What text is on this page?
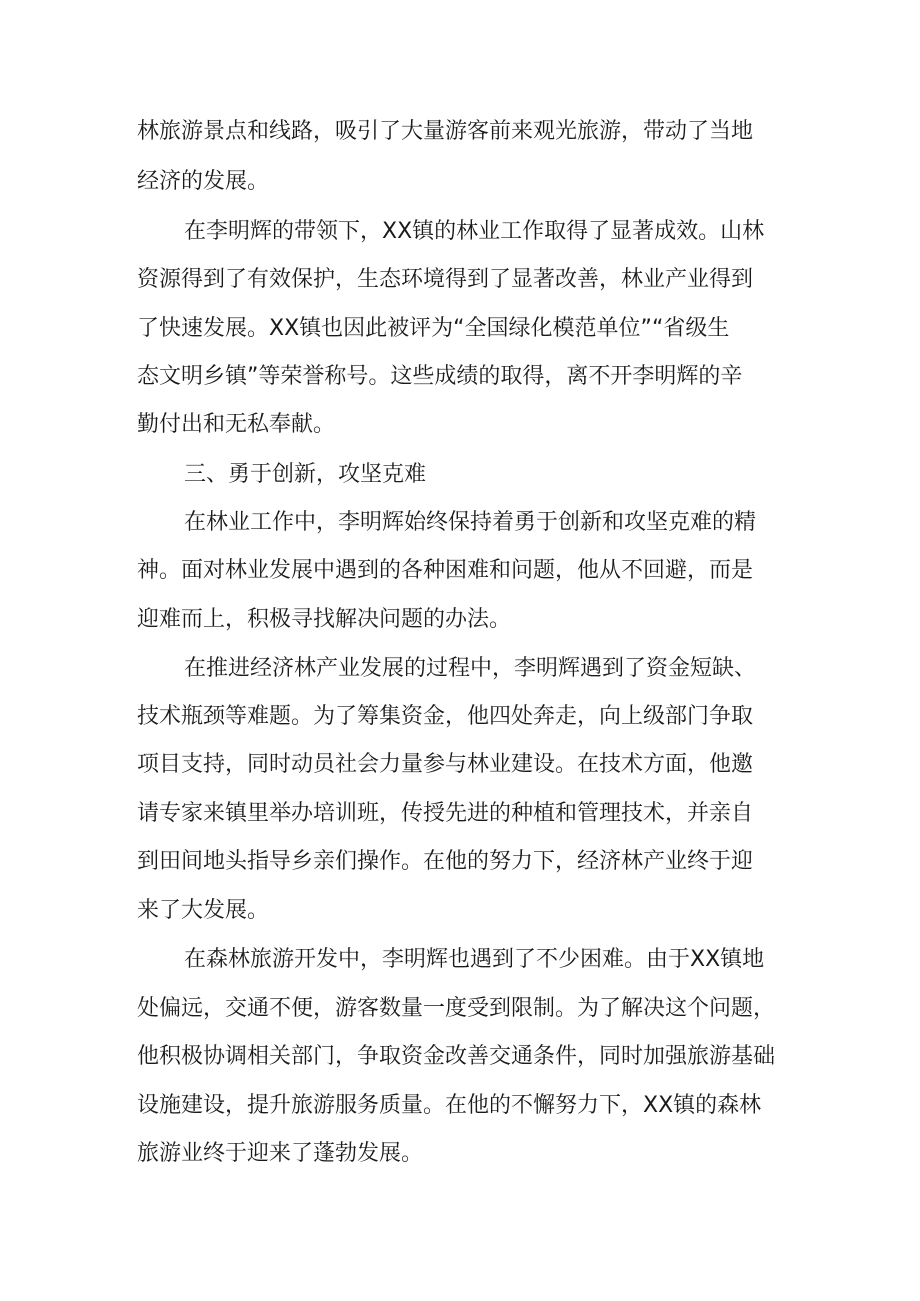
林旅游景点和线路，吸引了大量游客前来观光旅游，带动了当地
经济的发展。
在李明辉的带领下，XX镇的林业工作取得了显著成效。山林
资源得到了有效保护，生态环境得到了显著改善，林业产业得到
了快速发展。XX镇也因此被评为“全国绿化模范单位”“省级生
态文明乡镇”等荣誉称号。这些成绩的取得，离不开李明辉的辛
勤付出和无私奉献。
三、勇于创新，攻坚克难
在林业工作中，李明辉始终保持着勇于创新和攻坚克难的精
神。面对林业发展中遇到的各种困难和问题，他从不回避，而是
迎难而上，积极寻找解决问题的办法。
在推进经济林产业发展的过程中，李明辉遇到了资金短缺、
技术瓶颈等难题。为了筹集资金，他四处奔走，向上级部门争取
项目支持，同时动员社会力量参与林业建设。在技术方面，他邀
请专家来镇里举办培训班，传授先进的种植和管理技术，并亲自
到田间地头指导乡亲们操作。在他的努力下，经济林产业终于迎
来了大发展。
在森林旅游开发中，李明辉也遇到了不少困难。由于XX镇地
处偏远，交通不便，游客数量一度受到限制。为了解决这个问题，
他积极协调相关部门，争取资金改善交通条件，同时加强旅游基础
设施建设，提升旅游服务质量。在他的不懈努力下，XX镇的森林
旅游业终于迎来了蓬勃发展。
